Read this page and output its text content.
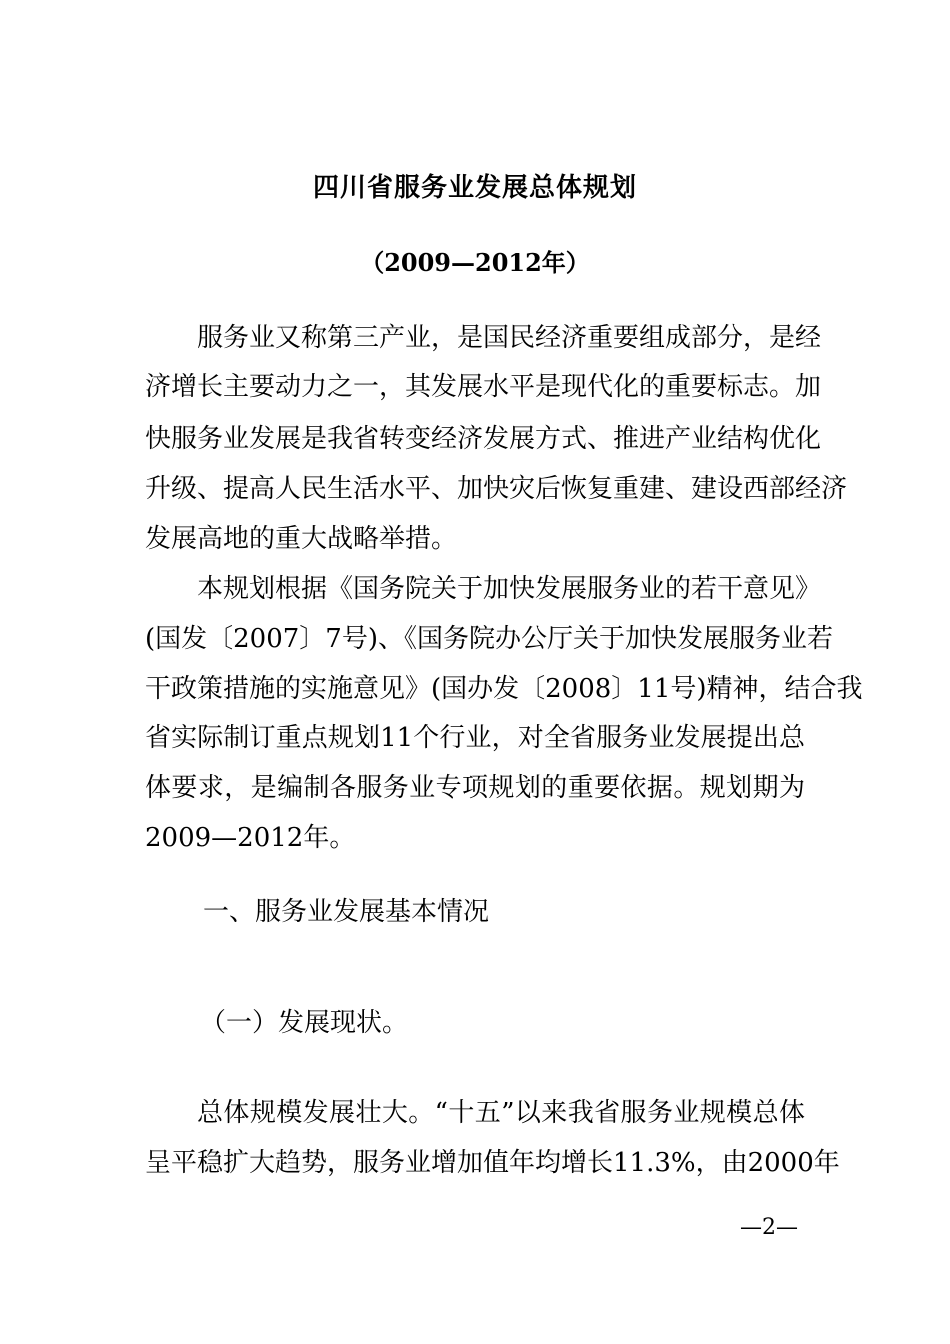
四川省服务业发展总体规划
（2009—2012年）
服务业又称第三产业，是国民经济重要组成部分，是经
济增长主要动力之一，其发展水平是现代化的重要标志。加
快服务业发展是我省转变经济发展方式、推进产业结构优化
升级、提高人民生活水平、加快灾后恢复重建、建设西部经济
发展高地的重大战略举措。
本规划根据《国务院关于加快发展服务业的若干意见》
(国发〔2007〕7号)、《国务院办公厅关于加快发展服务业若
干政策措施的实施意见》(国办发〔2008〕11号)精神，结合我
省实际制订重点规划11个行业，对全省服务业发展提出总
体要求，是编制各服务业专项规划的重要依据。规划期为
2009—2012年。
一、服务业发展基本情况
（一）发展现状。
总体规模发展壮大。“十五”以来我省服务业规模总体
呈平稳扩大趋势，服务业增加值年均增长11.3%，由2000年
—2—
